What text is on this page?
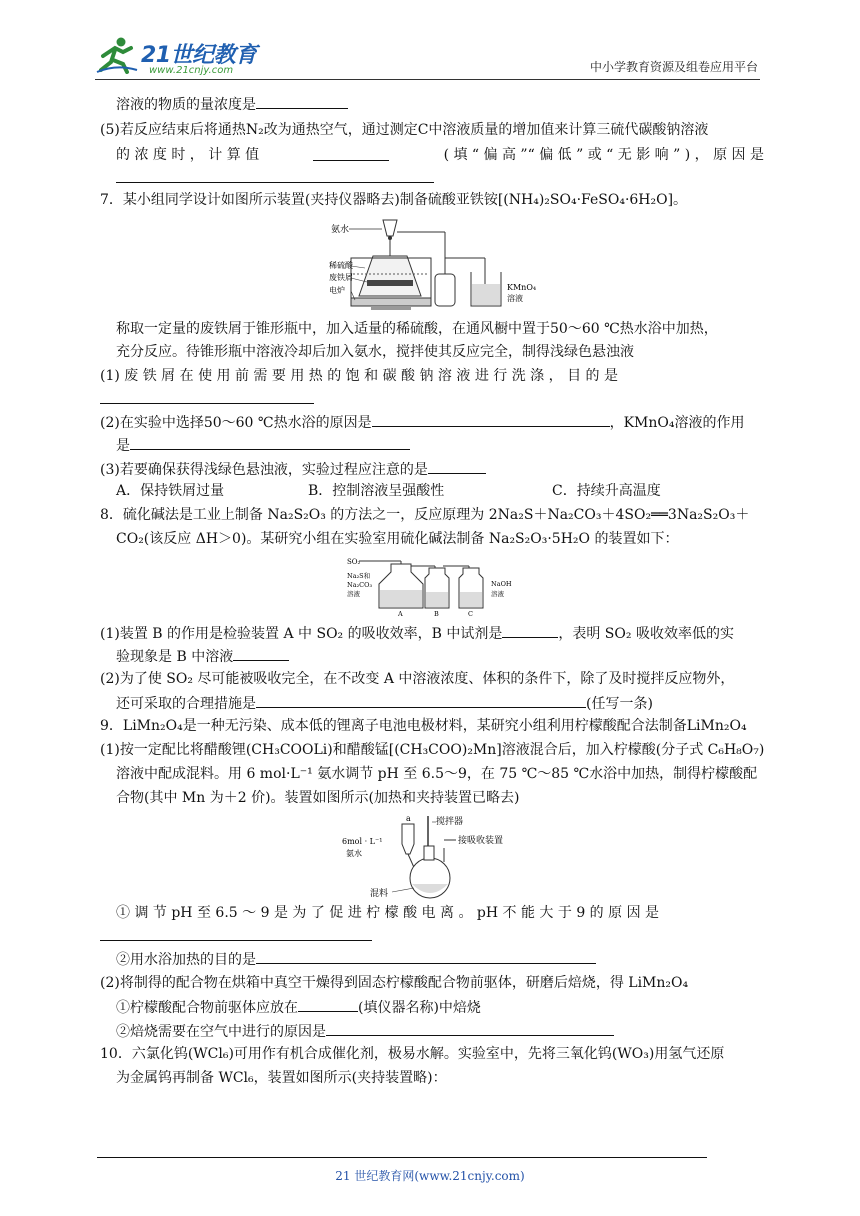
21世纪教育
www.21cnjy.com	中小学教育资源及组卷应用平台
溶液的物质的量浓度是
(5)若反应结束后将通热N₂改为通热空气，通过测定C中溶液质量的增加值来计算三硫代碳酸钠溶液
的 浓 度 时 ， 计 算 值	( 填 “ 偏 高 ”“ 偏 低 ” 或 “ 无 影 响 ” ) ， 原 因 是
7．某小组同学设计如图所示装置(夹持仪器略去)制备硫酸亚铁铵[(NH₄)₂SO₄·FeSO₄·6H₂O]。
氨水
稀硫酸
废铁屑
电炉	KMnO₄
溶液
称取一定量的废铁屑于锥形瓶中，加入适量的稀硫酸，在通风橱中置于50～60 ℃热水浴中加热，
充分反应。待锥形瓶中溶液冷却后加入氨水，搅拌使其反应完全，制得浅绿色悬浊液
(1) 废 铁 屑 在 使 用 前 需 要 用 热 的 饱 和 碳 酸 钠 溶 液 进 行 洗 涤 ， 目 的 是
(2)在实验中选择50～60 ℃热水浴的原因是	，KMnO₄溶液的作用
是
(3)若要确保获得浅绿色悬浊液，实验过程应注意的是
A．保持铁屑过量	B．控制溶液呈强酸性	C．持续升高温度
8．硫化碱法是工业上制备 Na₂S₂O₃ 的方法之一，反应原理为 2Na₂S＋Na₂CO₃＋4SO₂══3Na₂S₂O₃＋
CO₂(该反应 ΔH＞0)。某研究小组在实验室用硫化碱法制备 Na₂S₂O₃·5H₂O 的装置如下：
SO₂
Na₂S和
Na₂CO₃
溶液
NaOH
溶液
A	B	C
(1)装置 B 的作用是检验装置 A 中 SO₂ 的吸收效率，B 中试剂是	，表明 SO₂ 吸收效率低的实
验现象是 B 中溶液
(2)为了使 SO₂ 尽可能被吸收完全，在不改变 A 中溶液浓度、体积的条件下，除了及时搅拌反应物外，
还可采取的合理措施是	(任写一条)
9．LiMn₂O₄是一种无污染、成本低的锂离子电池电极材料，某研究小组利用柠檬酸配合法制备LiMn₂O₄
(1)按一定配比将醋酸锂(CH₃COOLi)和醋酸锰[(CH₃COO)₂Mn]溶液混合后，加入柠檬酸(分子式 C₆H₈O₇)
溶液中配成混料。用 6 mol·L⁻¹ 氨水调节 pH 至 6.5～9，在 75 ℃～85 ℃水浴中加热，制得柠檬酸配
合物(其中 Mn 为＋2 价)。装置如图所示(加热和夹持装置已略去)
6mol · L⁻¹
氨水
a	搅拌器
接吸收装置
混料
① 调 节 pH 至 6.5 ～ 9 是 为 了 促 进 柠 檬 酸 电 离 。 pH 不 能 大 于 9 的 原 因 是
②用水浴加热的目的是
(2)将制得的配合物在烘箱中真空干燥得到固态柠檬酸配合物前驱体，研磨后焙烧，得 LiMn₂O₄
①柠檬酸配合物前驱体应放在	(填仪器名称)中焙烧
②焙烧需要在空气中进行的原因是
10．六氯化钨(WCl₆)可用作有机合成催化剂，极易水解。实验室中，先将三氧化钨(WO₃)用氢气还原
为金属钨再制备 WCl₆，装置如图所示(夹持装置略)：
21 世纪教育网(www.21cnjy.com)
